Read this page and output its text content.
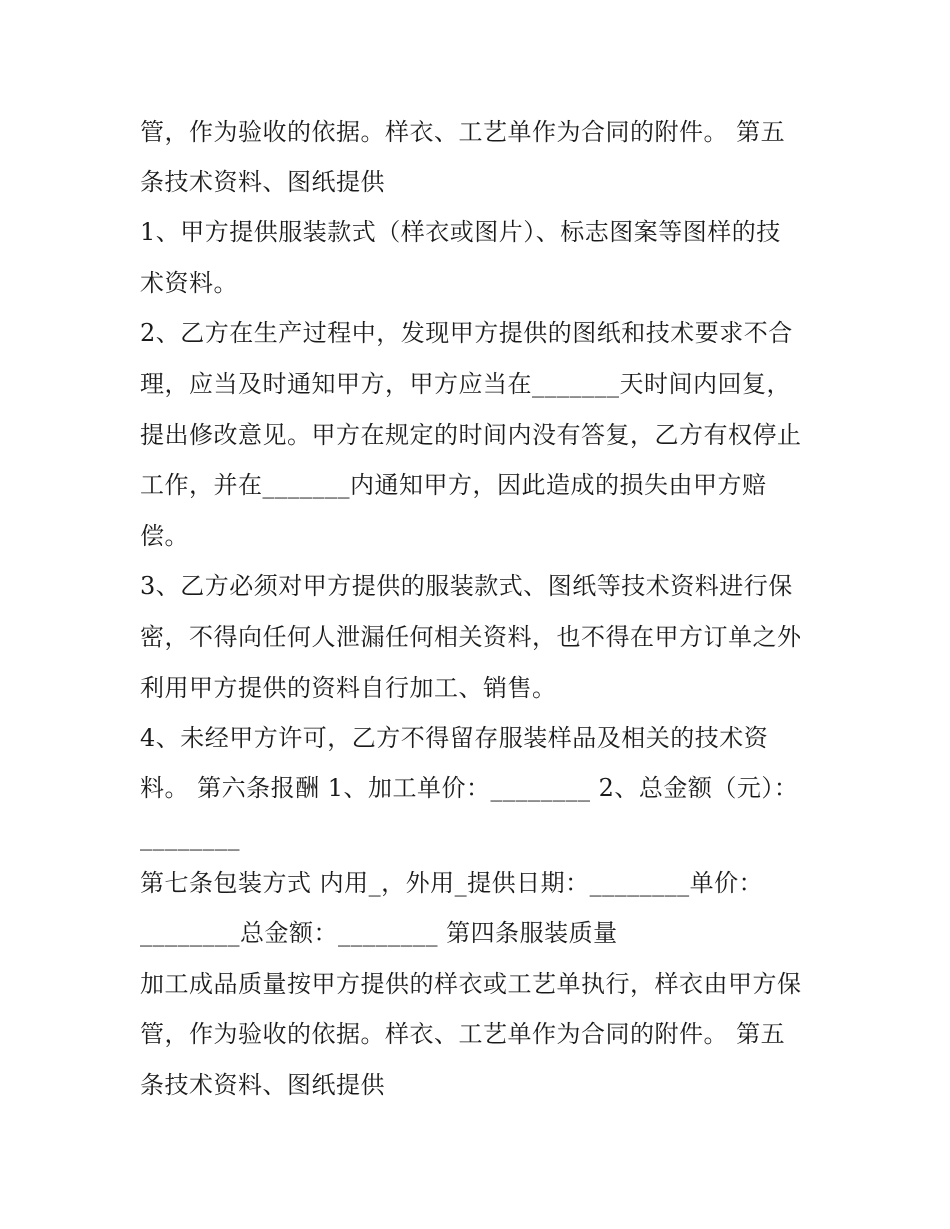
管，作为验收的依据。样衣、工艺单作为合同的附件。 第五
条技术资料、图纸提供
1、甲方提供服装款式（样衣或图片）、标志图案等图样的技
术资料。
2、乙方在生产过程中，发现甲方提供的图纸和技术要求不合
理，应当及时通知甲方，甲方应当在_______天时间内回复，
提出修改意见。甲方在规定的时间内没有答复，乙方有权停止
工作，并在_______内通知甲方，因此造成的损失由甲方赔
偿。
3、乙方必须对甲方提供的服装款式、图纸等技术资料进行保
密，不得向任何人泄漏任何相关资料，也不得在甲方订单之外
利用甲方提供的资料自行加工、销售。
4、未经甲方许可，乙方不得留存服装样品及相关的技术资
料。 第六条报酬 1、加工单价：________ 2、总金额（元）：
________
第七条包装方式 内用_，外用_提供日期：________单价：
________总金额：________ 第四条服装质量
加工成品质量按甲方提供的样衣或工艺单执行，样衣由甲方保
管，作为验收的依据。样衣、工艺单作为合同的附件。 第五
条技术资料、图纸提供
